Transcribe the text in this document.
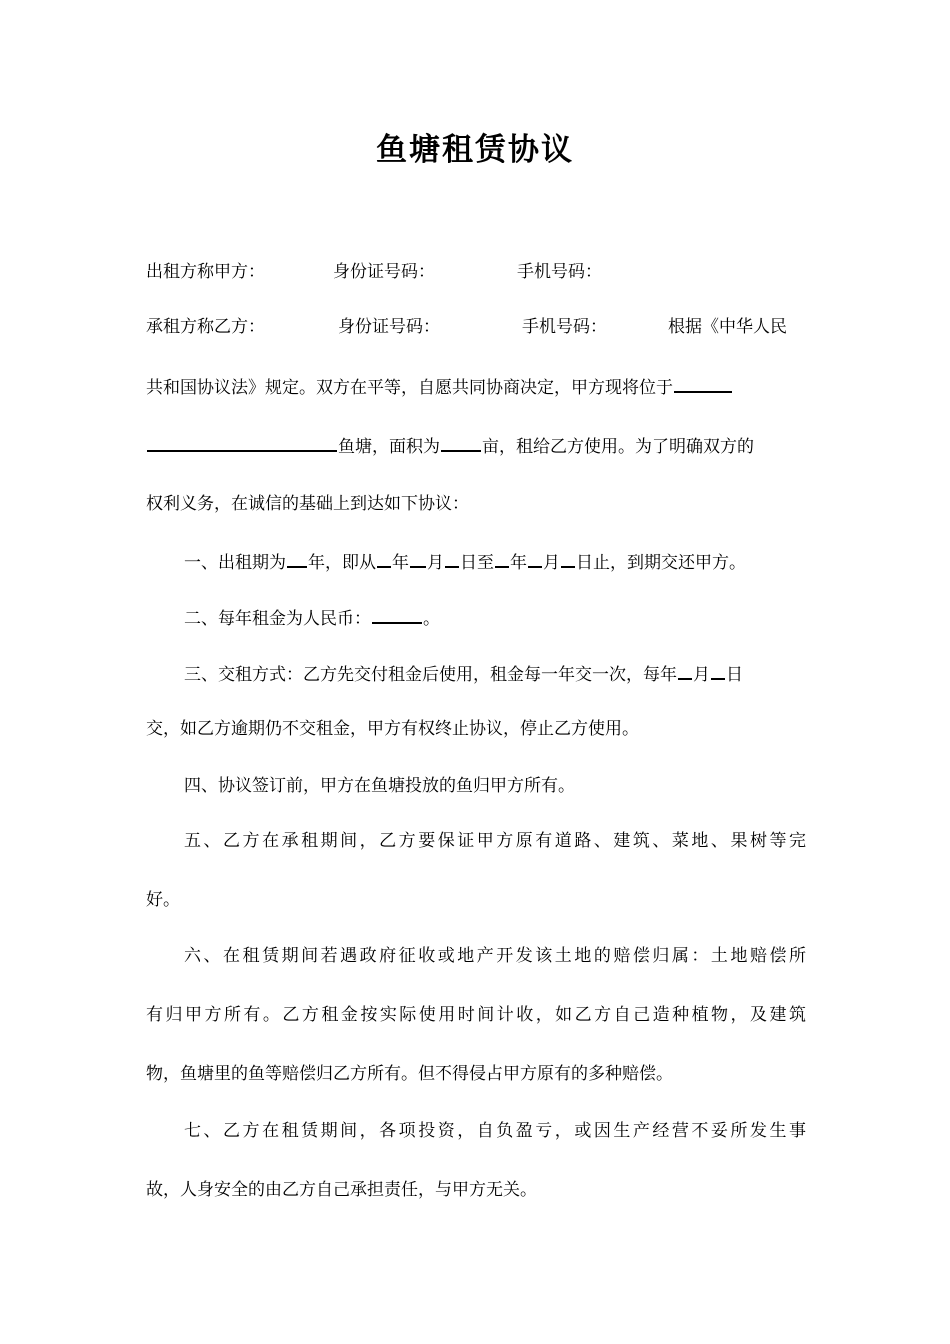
鱼塘租赁协议
出租方称甲方：	身份证号码：	手机号码：
承租方称乙方：	身份证号码：	手机号码：	根据《中华人民
共和国协议法》规定。双方在平等，自愿共同协商决定，甲方现将位于
鱼塘，面积为 亩，租给乙方使用。为了明确双方的
权利义务，在诚信的基础上到达如下协议：
一、出租期为 年，即从 年 月 日至 年 月 日止，到期交还甲方。
二、每年租金为人民币：	。
三、交租方式：乙方先交付租金后使用，租金每一年交一次，每年 月 日
交，如乙方逾期仍不交租金，甲方有权终止协议，停止乙方使用。
四、协议签订前，甲方在鱼塘投放的鱼归甲方所有。
五、乙方在承租期间，乙方要保证甲方原有道路、建筑、菜地、果树等完
好。
六、在租赁期间若遇政府征收或地产开发该土地的赔偿归属：土地赔偿所
有归甲方所有。乙方租金按实际使用时间计收，如乙方自己造种植物，及建筑
物，鱼塘里的鱼等赔偿归乙方所有。但不得侵占甲方原有的多种赔偿。
七、乙方在租赁期间，各项投资，自负盈亏，或因生产经营不妥所发生事
故，人身安全的由乙方自己承担责任，与甲方无关。
